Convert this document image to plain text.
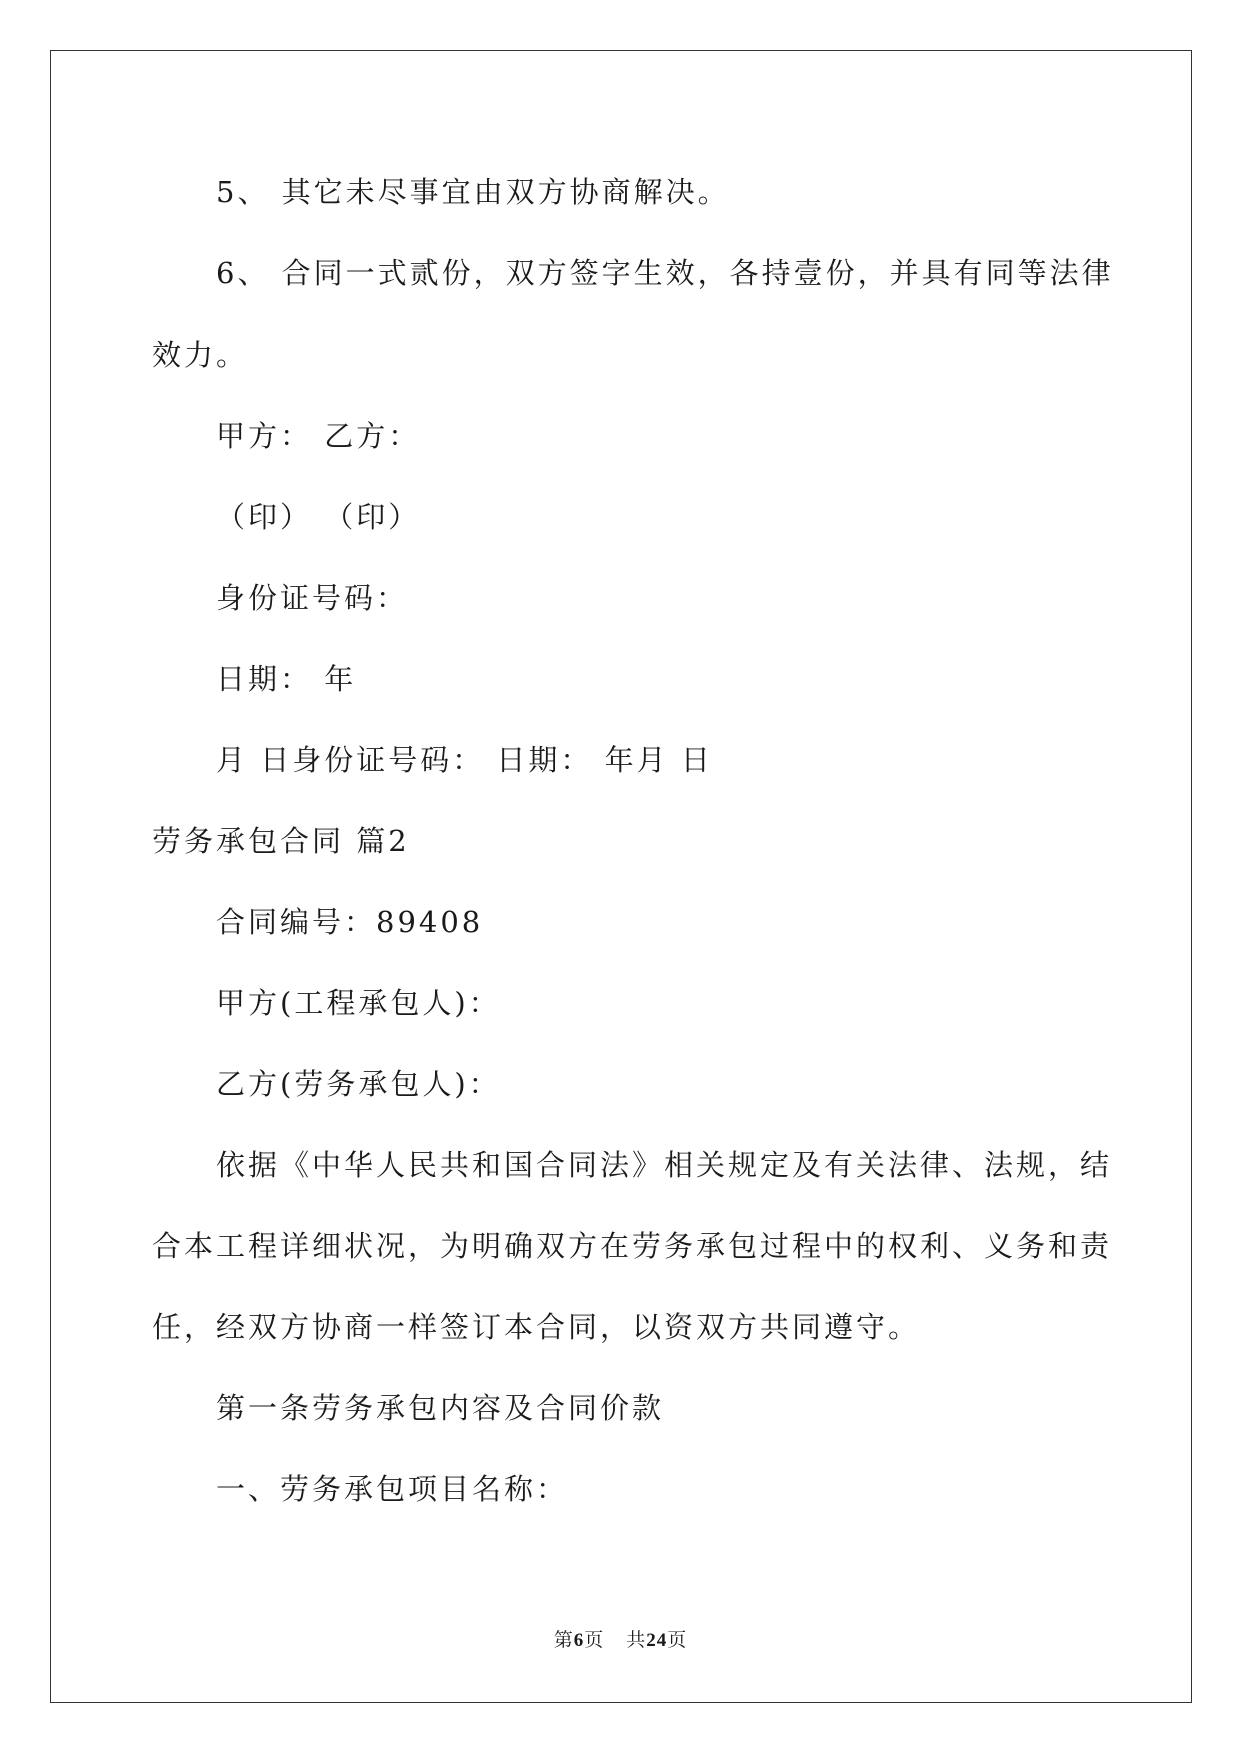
5、 其它未尽事宜由双方协商解决。
6、 合同一式贰份，双方签字生效，各持壹份，并具有同等法律
效力。
甲方： 乙方：
（印） （印）
身份证号码：
日期： 年
月 日身份证号码： 日期： 年月 日
劳务承包合同 篇2
合同编号：89408
甲方(工程承包人)：
乙方(劳务承包人)：
依据《中华人民共和国合同法》相关规定及有关法律、法规，结
合本工程详细状况，为明确双方在劳务承包过程中的权利、义务和责
任，经双方协商一样签订本合同，以资双方共同遵守。
第一条劳务承包内容及合同价款
一、劳务承包项目名称：
第6页 共24页
